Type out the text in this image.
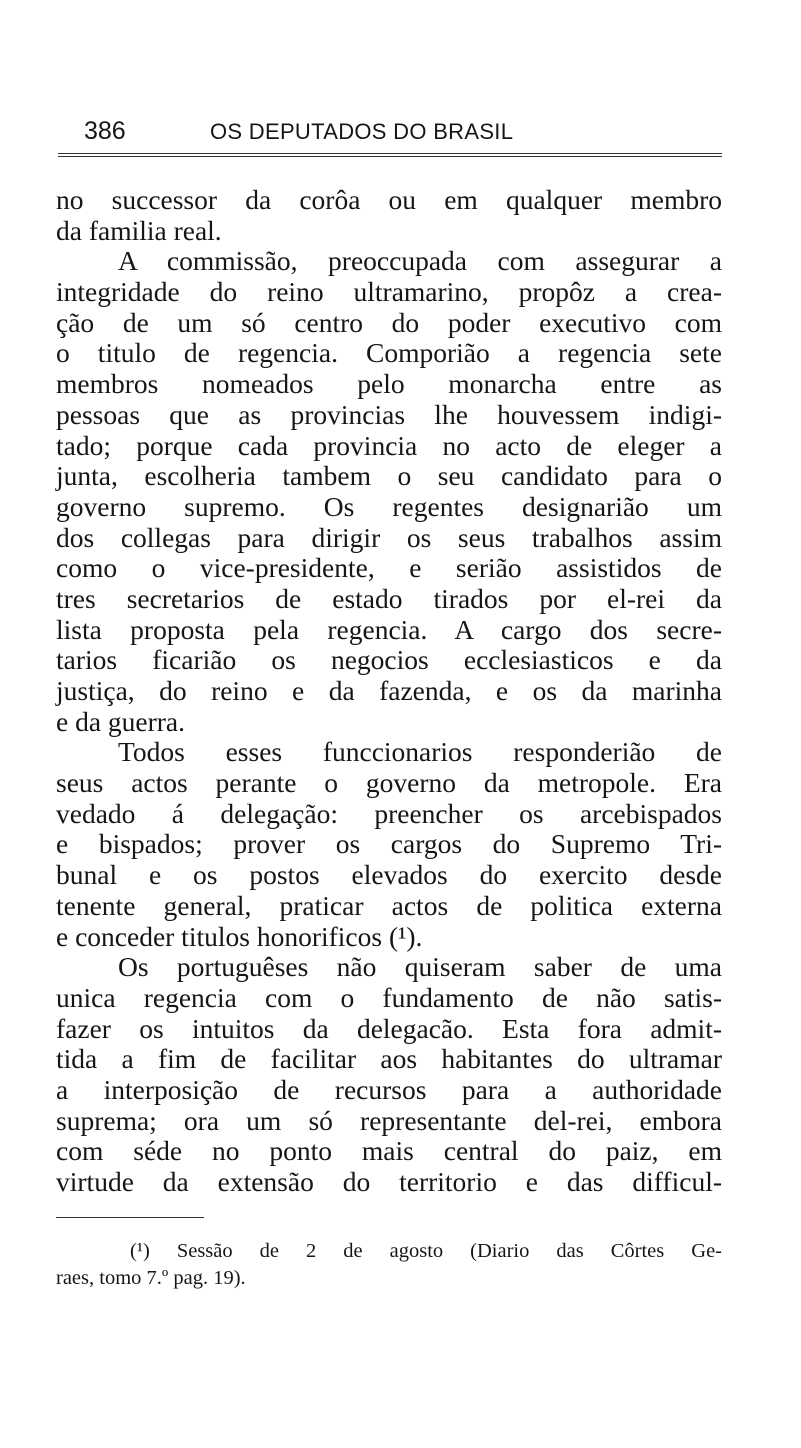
386	OS DEPUTADOS DO BRASIL
no successor da corôa ou em qualquer membro
da familia real.
A commissão, preoccupada com assegurar a
integridade do reino ultramarino, propôz a crea-
ção de um só centro do poder executivo com
o titulo de regencia. Comporião a regencia sete
membros nomeados pelo monarcha entre as
pessoas que as provincias lhe houvessem indigi-
tado; porque cada provincia no acto de eleger a
junta, escolheria tambem o seu candidato para o
governo supremo. Os regentes designarião um
dos collegas para dirigir os seus trabalhos assim
como o vice-presidente, e serião assistidos de
tres secretarios de estado tirados por el-rei da
lista proposta pela regencia. A cargo dos secre-
tarios ficarião os negocios ecclesiasticos e da
justiça, do reino e da fazenda, e os da marinha
e da guerra.
Todos esses funccionarios responderião de
seus actos perante o governo da metropole. Era
vedado á delegação: preencher os arcebispados
e bispados; prover os cargos do Supremo Tri-
bunal e os postos elevados do exercito desde
tenente general, praticar actos de politica externa
e conceder titulos honorificos (¹).
Os portuguêses não quiseram saber de uma
unica regencia com o fundamento de não satis-
fazer os intuitos da delegacão. Esta fora admit-
tida a fim de facilitar aos habitantes do ultramar
a interposição de recursos para a authoridade
suprema; ora um só representante del-rei, embora
com séde no ponto mais central do paiz, em
virtude da extensão do territorio e das difficul-
(¹) Sessão de 2 de agosto (Diario das Côrtes Ge-
raes, tomo 7.º pag. 19).
